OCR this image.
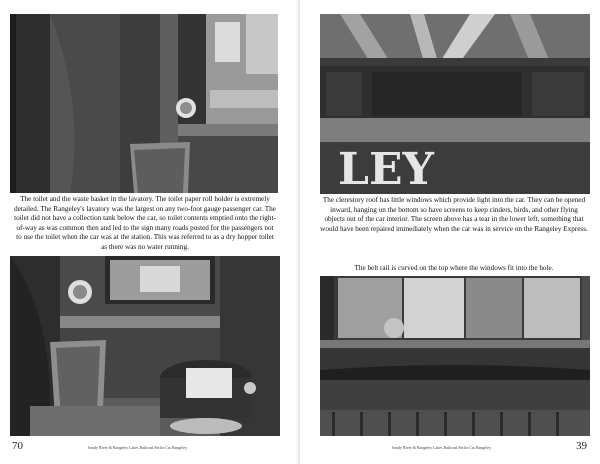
The toilet and the waste basket in the lavatory. The toilet paper roll holder is extremely detailed. The Rangeley's lavatory was the largest on any two-foot gauge passenger car. The toilet did not have a collection tank below the car, so toilet contents emptied onto the right-of-way as was common then and led to the sign many roads posted for the passengers not to use the toilet when the car was at the station. This was referred to as a dry hopper toilet as there was no water running.

70	Sandy River & Rangeley Lakes Railroad Parlor Car Rangeley
LEY

The clerestory roof has little windows which provide light into the car. They can be opened inward, hanging on the bottom so have screens to keep cinders, birds, and other flying objects out of the car interior. The screen above has a tear in the lower left, something that would have been repaired immediately when the car was in service on the Rangeley Express.

The belt rail is curved on the top where the windows fit into the hole.

39
Sandy River & Rangeley Lakes Railroad Parlor Car Rangeley
